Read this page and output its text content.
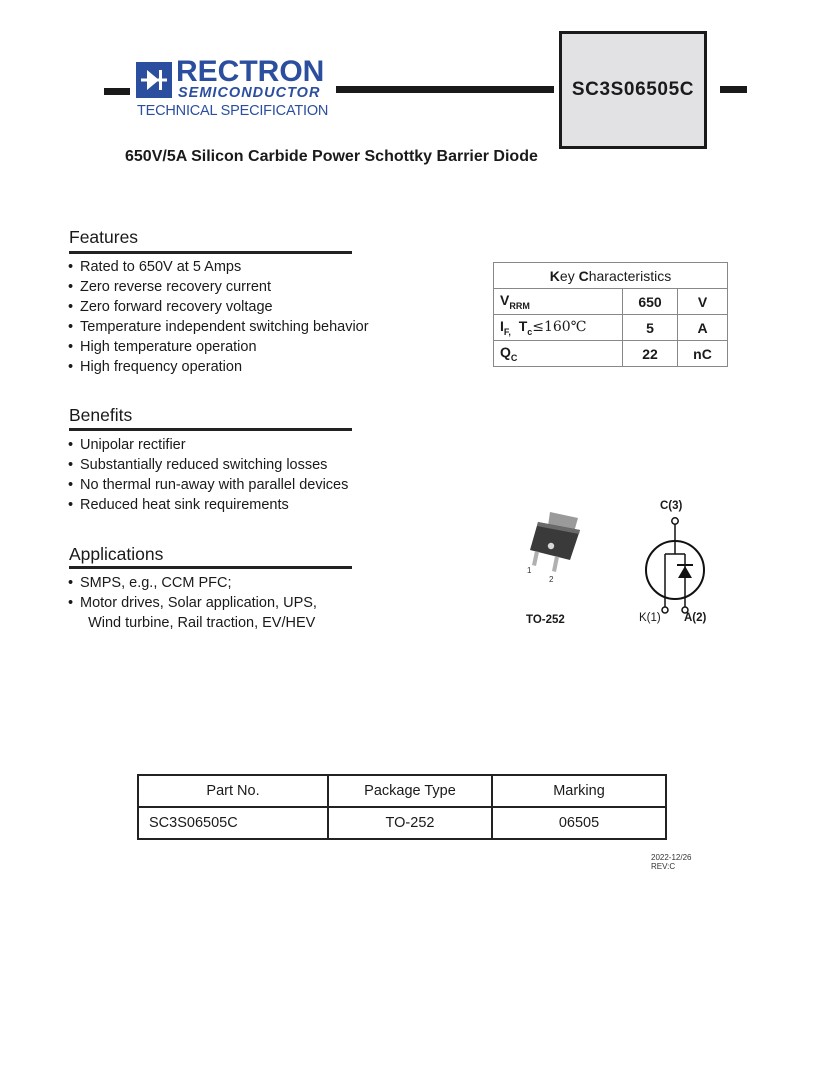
RECTRON
SEMICONDUCTOR
TECHNICAL SPECIFICATION
SC3S06505C
650V/5A Silicon Carbide Power Schottky Barrier Diode
Features
• Rated to 650V at 5 Amps
• Zero reverse recovery current
• Zero forward recovery voltage
• Temperature independent switching behavior
• High temperature operation
• High frequency operation
Key Characteristics		
$V_{RRM}$	650	V
$I_{F,}$ $T_c\le 160℃$	5	A
$Q_C$	22	nC
Benefits
• Unipolar rectifier
• Substantially reduced switching losses
• No thermal run-away with parallel devices
• Reduced heat sink requirements
Applications
• SMPS, e.g., CCM PFC;
• Motor drives, Solar application, UPS,
Wind turbine, Rail traction, EV/HEV
1
2
TO-252
C(3)
K(1) A(2)
Part No.	Package Type	Marking
SC3S06505C	TO-252	06505
2022-12/26
REV:C
